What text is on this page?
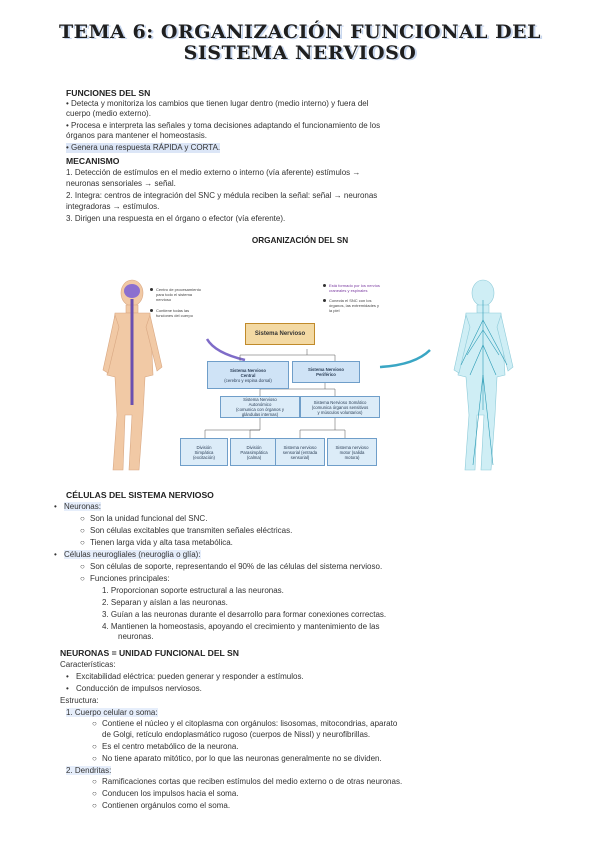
TEMA 6: ORGANIZACIÓN FUNCIONAL DEL
SISTEMA NERVIOSO
FUNCIONES DEL SN
• Detecta y monitoriza los cambios que tienen lugar dentro (medio interno) y fuera del
cuerpo (medio externo).
• Procesa e interpreta las señales y toma decisiones adaptando el funcionamiento de los
órganos para mantener el homeostasis.
• Genera una respuesta RÁPIDA y CORTA.
MECANISMO
1. Detección de estímulos en el medio externo o interno (vía aferente) estímulos →
neuronas sensoriales → señal.
2. Integra: centros de integración del SNC y médula reciben la señal: señal → neuronas
integradoras → estímulos.
3. Dirigen una respuesta en el órgano o efector (vía eferente).
ORGANIZACIÓN DEL SN
Centro de procesamiento
para todo el sistema
nervioso
Contiene todas las
funciones del cuerpo
Está formado por los nervios
craneales y espinales
Conecta el SNC con los
órganos, las extremidades y
la piel
Sistema Nervioso
Sistema Nervioso
Central
(cerebro y espina dorsal)
Sistema Nervioso
Periférico
Sistema Nervioso
Autonómico
(comunica con órganos y
glándulas internas)
Sistema Nervioso Somático
(comunica órganos sensitivos
y músculos voluntarios)
División
Simpática
(excitación)
División
Parasimpática
(calma)
Sistema nervioso
sensorial (entrada
sensorial)
Sistema nervioso
motor (salida
motora)
CÉLULAS DEL SISTEMA NERVIOSO
• Neuronas:
○ Son la unidad funcional del SNC.
○ Son células excitables que transmiten señales eléctricas.
○ Tienen larga vida y alta tasa metabólica.
• Células neurogliales (neuroglia o glía):
○ Son células de soporte, representando el 90% de las células del sistema nervioso.
○ Funciones principales:
1. Proporcionan soporte estructural a las neuronas.
2. Separan y aíslan a las neuronas.
3. Guían a las neuronas durante el desarrollo para formar conexiones correctas.
4. Mantienen la homeostasis, apoyando el crecimiento y mantenimiento de las
neuronas.
NEURONAS = UNIDAD FUNCIONAL DEL SN
Características:
• Excitabilidad eléctrica: pueden generar y responder a estímulos.
• Conducción de impulsos nerviosos.
Estructura:
1. Cuerpo celular o soma:
○ Contiene el núcleo y el citoplasma con orgánulos: lisosomas, mitocondrias, aparato
de Golgi, retículo endoplasmático rugoso (cuerpos de Nissl) y neurofibrillas.
○ Es el centro metabólico de la neurona.
○ No tiene aparato mitótico, por lo que las neuronas generalmente no se dividen.
2. Dendritas:
○ Ramificaciones cortas que reciben estímulos del medio externo o de otras neuronas.
○ Conducen los impulsos hacia el soma.
○ Contienen orgánulos como el soma.
